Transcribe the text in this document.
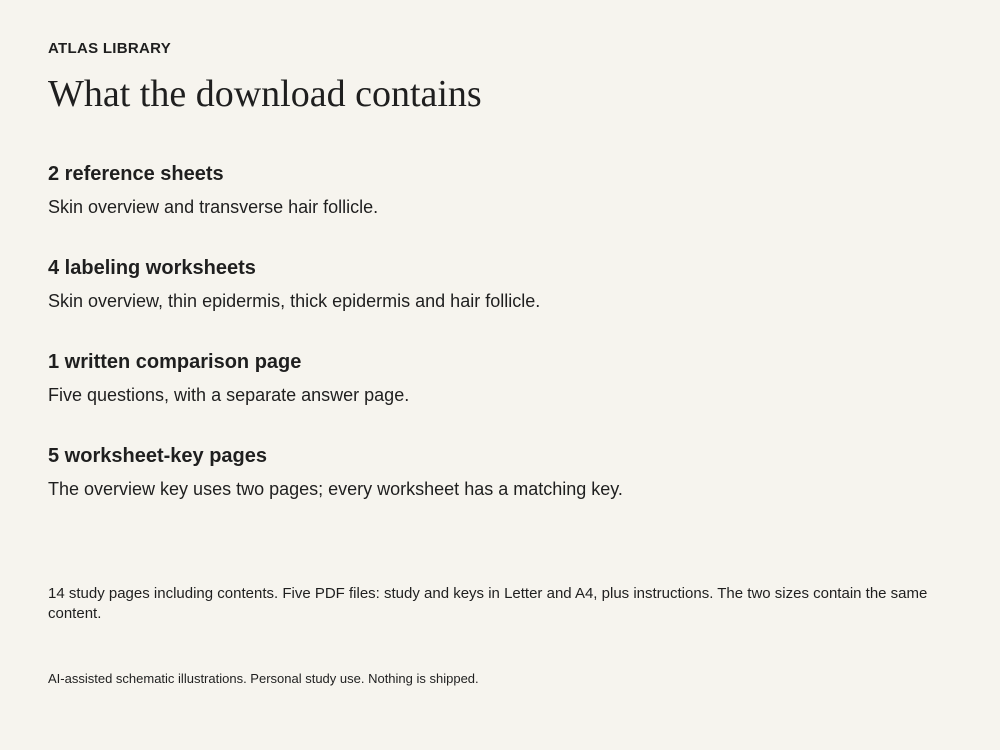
ATLAS LIBRARY
What the download contains

2 reference sheets

Skin overview and transverse hair follicle.

4 labeling worksheets

Skin overview, thin epidermis, thick epidermis and hair follicle.

1 written comparison page

Five questions, with a separate answer page.

5 worksheet-key pages

The overview key uses two pages; every worksheet has a matching key.

14 study pages including contents. Five PDF files: study and keys in Letter and A4, plus instructions. The two sizes contain the same content.

AI-assisted schematic illustrations. Personal study use. Nothing is shipped.
